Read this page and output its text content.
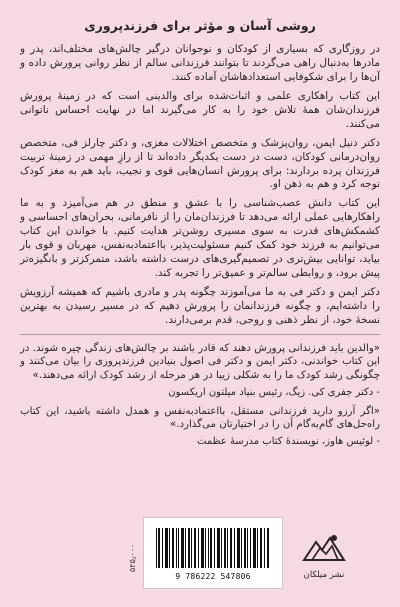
روشی آسان و مؤثر برای فرزندپروری

در روزگاری که بسیاری از کودکان و نوجوانان درگیر چالش‌های مختلف‌اند، پدر و مادرها به‌دنبال راهی می‌گردند تا بتوانند فرزندانی سالم از نظر روانی پرورش داده و آن‌ها را برای شکوفایی استعدادهاشان آماده کنند.

این کتاب راهکاری علمی و اثبات‌شده برای والدینی است که در زمینهٔ پرورش فرزندان‌شان همهٔ تلاش خود را به کار می‌گیرند اما در نهایت احساس ناتوانی می‌کنند.

دکتر دنیل ایمن، روان‌پزشک و متخصص اختلالات مغزی، و دکتر چارلز فی، متخصص روان‌درمانی کودکان، دست در دست یکدیگر داده‌اند تا از رازِ مهمی در زمینهٔ تربیت فرزندان پرده بردارند: برای پرورش انسان‌هایی قوی و نجیب، باید هم به مغز کودک توجه کرد و هم به ذهن او.

این کتاب دانش عصب‌شناسی را با عشق و منطق در هم می‌آمیزد و به ما راهکارهایی عملی ارائه می‌دهد تا فرزندان‌مان را از نافرمانی، بحران‌های احساسی و کشمکش‌های قدرت به سوی مسیری روشن‌تر هدایت کنیم. با خواندن این کتاب می‌توانیم به فرزند خود کمک کنیم مسئولیت‌پذیر، بااعتمادبه‌نفس، مهربان و قوی بار بیاید، توانایی بیش‌تری در تصمیم‌گیری‌های درست داشته باشد، متمرکزتر و بانگیزه‌تر پیش برود، و روابطی سالم‌تر و عمیق‌تر را تجربه کند.

دکتر ایمن و دکتر فی به ما می‌آموزند چگونه پدر و مادری باشیم که همیشه آرزویش را داشته‌ایم، و چگونه فرزندانمان را پرورش دهیم که در مسیر رسیدن به بهترین نسخهٔ خود، از نظر ذهنی و روحی، قدم برمی‌دارند.

«والدین باید فرزندانی پرورش دهند که قادر باشند بر چالش‌های زندگی چیره شوند. در این کتاب خواندنی، دکتر ایمن و دکتر فی اصول بنیادین فرزندپروری را بیان می‌کنند و چگونگی رشد کودک ما را به شکلی زیبا در هر مرحله از رشد کودک ارائه می‌دهند.»

- دکتر جفری کی. زیگ، رئیس بنیاد میلتون اریکسون

«اگر آرزو دارید فرزندانی مستقل، بااعتمادبه‌نفس و همدل داشته باشید، این کتاب راه‌حل‌های گام‌به‌گام آن را در اختیارتان می‌گذارد.»

- لوئیس هاوز، نویسندهٔ کتاب مدرسهٔ عظمت

۵۲۵٫۰۰۰
9 786222 547806	نشر میلکان
